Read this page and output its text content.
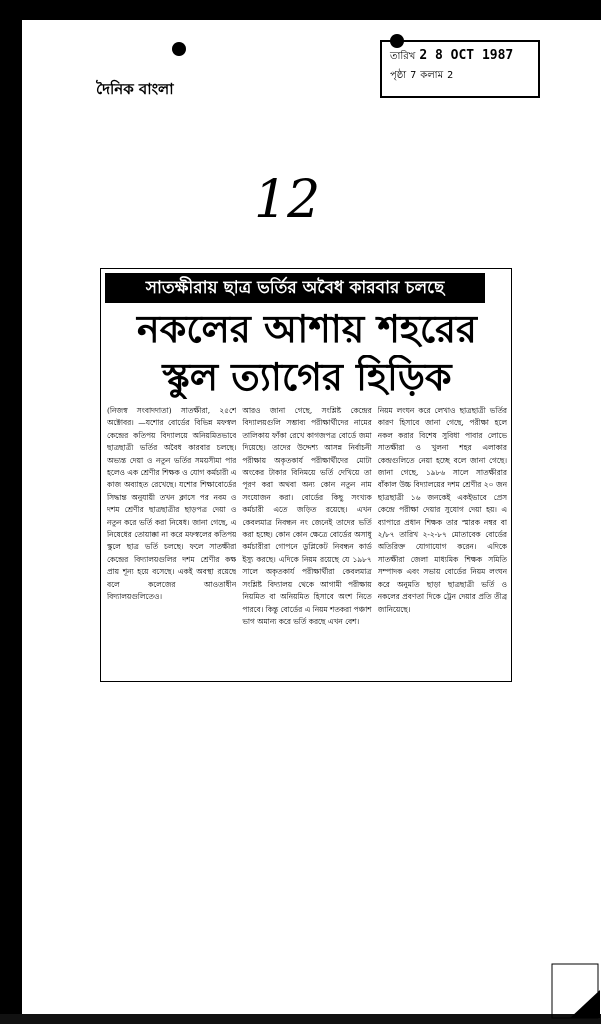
দৈনিক বাংলা
তারিখ 2 8 OCT 1987
পৃষ্ঠা 7 কলাম 2
12
সাতক্ষীরায় ছাত্র ভর্তির অবৈধ কারবার চলছে
নকলের আশায় শহরের
স্কুল ত্যাগের হিড়িক
(নিজস্ব সংবাদদাতা) সাতক্ষীরা, ২৫শে অক্টোবর। —যশোর বোর্ডের বিভিন্ন মফস্বল কেন্দ্রের কতিপয় বিদ্যালয়ে অনিয়মিতভাবে ছাত্রছাত্রী ভর্তির অবৈধ কারবার চলছে। অভ্যন্ত দেয়া ও নতুন ভর্তির সময়সীমা পার হলেও এক শ্রেণীর শিক্ষক ও যোগ কর্মচারী এ কাজ অব্যাহত রেখেছে। যশোর শিক্ষাবোর্ডের সিদ্ধান্ত অনুযায়ী তখন ক্লাসে পর নবম ও দশম শ্রেণীর ছাত্রছাত্রীর ছাড়পত্র দেয়া ও নতুন করে ভর্তি করা নিষেধ। জানা গেছে, এ নিষেধের তোয়াক্কা না করে মফস্বলের কতিপয় স্কুলে ছাত্র ভর্তি চলছে। ফলে সাতক্ষীরা কেন্দ্রের বিদ্যালয়গুলির দশম শ্রেণীর কক্ষ প্রায় শূন্য হয়ে বসেছে। একই অবস্থা রয়েছে বলে কলেজের আওতাধীন বিদ্যালয়গুলিতেও।
আরও জানা গেছে, সংশ্লিষ্ট কেন্দ্রের বিদ্যালয়গুলি সম্ভাব্য পরীক্ষার্থীদের নামের তালিকায় ফাঁকা রেখে কাগজপত্র বোর্ডে জমা দিয়েছে। তাদের উদ্দেশ্য আসন্ন নির্বাচনী পরীক্ষায় অকৃতকার্য পরীক্ষার্থীদের মোটা অংকের টাকার বিনিময়ে ভর্তি দেখিয়ে তা পূরণ করা অথবা অন্য কোন নতুন নাম সংযোজন করা। বোর্ডের কিছু সংখ্যক কর্মচারী এতে জড়িত রয়েছে। এখন কেবলমাত্র নিবন্ধন নং জেনেই তাদের ভর্তি করা হচ্ছে। কোন কোন ক্ষেত্রে বোর্ডের অসাধু কর্মচারীরা গোপনে ডুপ্লিকেট নিবন্ধন কার্ড ইস্যু করছে। এদিকে নিয়ম রয়েছে যে ১৯৮৭ সালে অকৃতকার্য পরীক্ষার্থীরা কেবলমাত্র সংশ্লিষ্ট বিদ্যালয় থেকে আগামী পরীক্ষায় নিয়মিত বা অনিয়মিত হিসাবে অংশ নিতে পারবে। কিন্তু বোর্ডের এ নিয়ম শতকরা পঞ্চাশ ভাগ অমান্য করে ভর্তি করছে এখন বেশ।
নিয়ম লংঘন করে লেখাও ছাত্রছাত্রী ভর্তির কারণ হিসাবে জানা গেছে, পরীক্ষা হলে নকল করার বিশেষ সুবিধা পাবার লোভে সাতক্ষীরা ও খুলনা শহর এলাকার কেন্দ্রগুলিতে নেয়া হচ্ছে বলে জানা গেছে। জানা গেছে, ১৯৮৬ সালে সাতক্ষীরার বাঁকাল উচ্চ বিদ্যালয়ের দশম শ্রেণীর ২০ জন ছাত্রছাত্রী ১৬ জনকেই একইভাবে প্রেস কেন্দ্রে পরীক্ষা দেয়ার সুযোগ দেয়া হয়। এ ব্যাপারে প্রধান শিক্ষক তার স্মারক নম্বর বা ২/৮৭ তারিখ ২-২-৮৭ মোতাবেক বোর্ডের অতিরিক্ত যোগাযোগ করেন। এদিকে সাতক্ষীরা জেলা মাধ্যমিক শিক্ষক সমিতি সম্পাদক এবং সভায় বোর্ডের নিয়ম লংঘন করে অনুমতি ছাড়া ছাত্রছাত্রী ভর্তি ও নকলের প্রবণতা দিকে ট্রেন দেয়ার প্রতি তীব্র জানিয়েছে।
